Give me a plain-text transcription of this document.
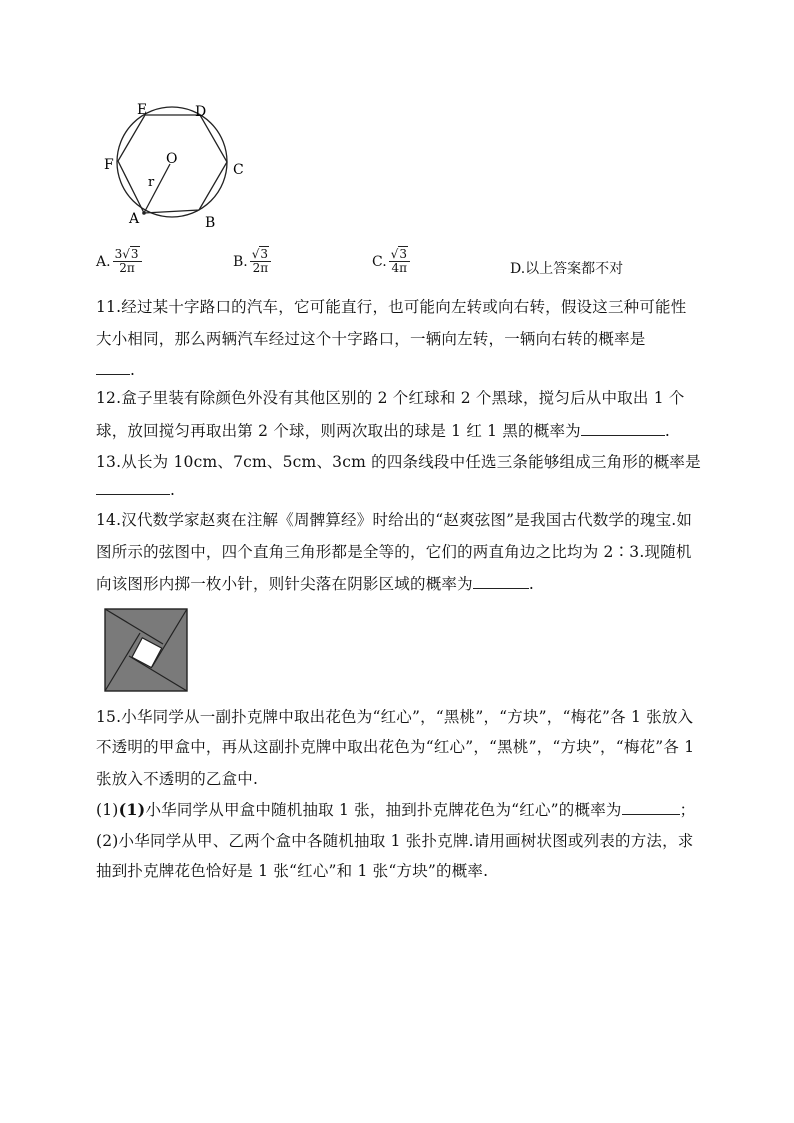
E	D
C
B
A
F	O
r
A. $\frac{3√3}{2\pi}$	B. $\frac{√3}{2\pi}$	C. $\frac{√3}{4\pi}$	D.以上答案都不对
11.经过某十字路口的汽车，它可能直行，也可能向左转或向右转，假设这三种可能性
大小相同，那么两辆汽车经过这个十字路口，一辆向左转，一辆向右转的概率是
.
12.盒子里装有除颜色外没有其他区别的 2 个红球和 2 个黑球，搅匀后从中取出 1 个
球，放回搅匀再取出第 2 个球，则两次取出的球是 1 红 1 黑的概率为	.
13.从长为 10cm、7cm、5cm、3cm 的四条线段中任选三条能够组成三角形的概率是
.
14.汉代数学家赵爽在注解《周髀算经》时给出的“赵爽弦图”是我国古代数学的瑰宝.如
图所示的弦图中，四个直角三角形都是全等的，它们的两直角边之比均为 2∶3.现随机
向该图形内掷一枚小针，则针尖落在阴影区域的概率为	.
15.小华同学从一副扑克牌中取出花色为“红心”，“黑桃”，“方块”，“梅花”各 1 张放入
不透明的甲盒中，再从这副扑克牌中取出花色为“红心”，“黑桃”，“方块”，“梅花”各 1
张放入不透明的乙盒中.
(1)(1)小华同学从甲盒中随机抽取 1 张，抽到扑克牌花色为“红心”的概率为	；
(2)小华同学从甲、乙两个盒中各随机抽取 1 张扑克牌.请用画树状图或列表的方法，求
抽到扑克牌花色恰好是 1 张“红心”和 1 张“方块”的概率.
